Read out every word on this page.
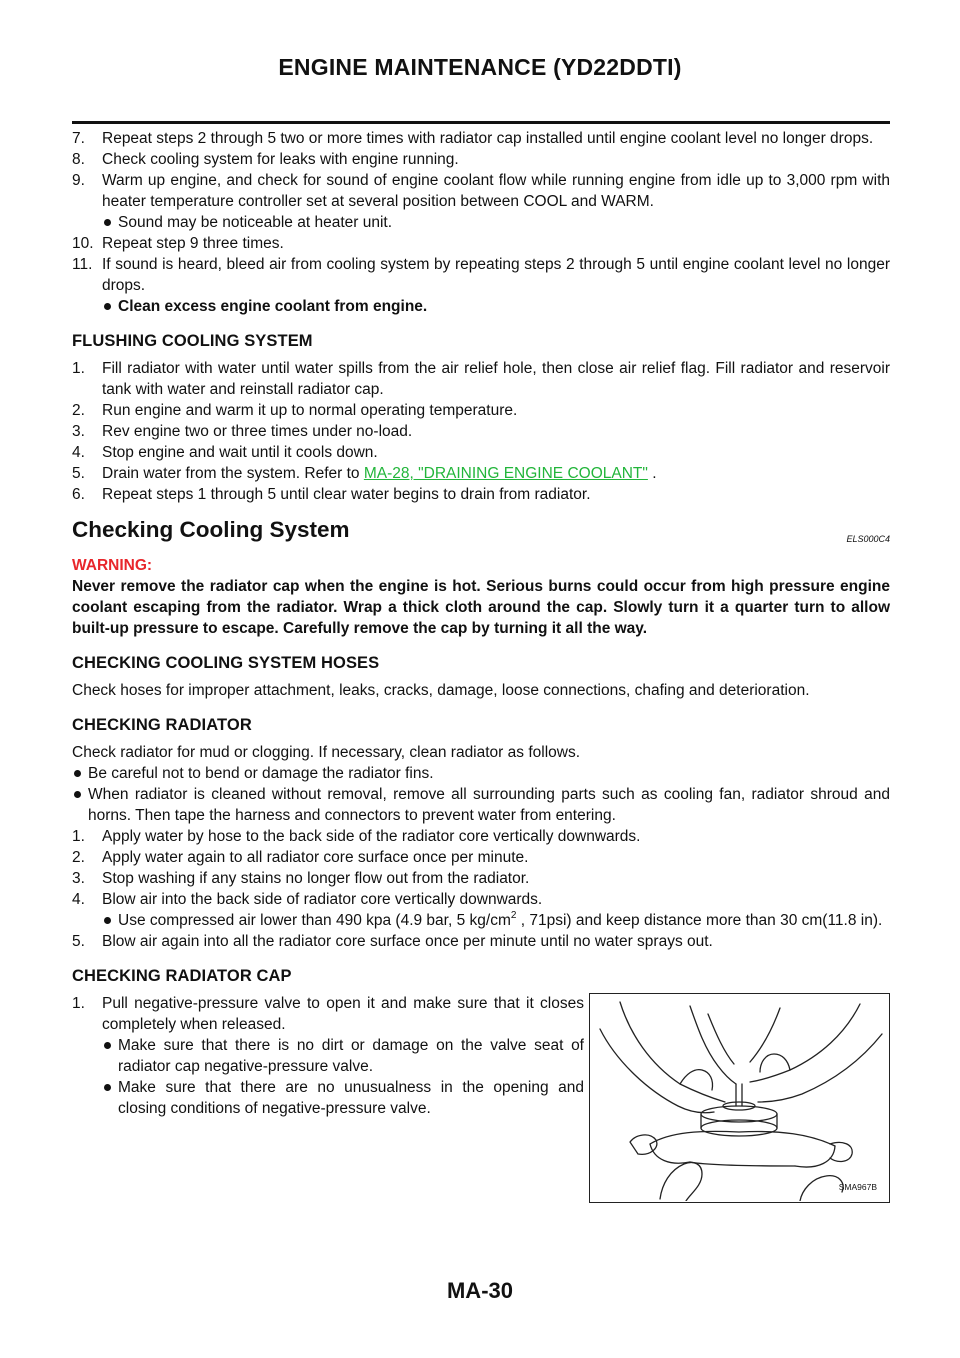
ENGINE MAINTENANCE (YD22DDTI)

7. Repeat steps 2 through 5 two or more times with radiator cap installed until engine coolant level no longer drops.

8. Check cooling system for leaks with engine running.

9. Warm up engine, and check for sound of engine coolant flow while running engine from idle up to 3,000 rpm with heater temperature controller set at several position between COOL and WARM.

Sound may be noticeable at heater unit.

10. Repeat step 9 three times.

11. If sound is heard, bleed air from cooling system by repeating steps 2 through 5 until engine coolant level no longer drops.

Clean excess engine coolant from engine.

FLUSHING COOLING SYSTEM

1. Fill radiator with water until water spills from the air relief hole, then close air relief flag. Fill radiator and reservoir tank with water and reinstall radiator cap.

2. Run engine and warm it up to normal operating temperature.

3. Rev engine two or three times under no-load.

4. Stop engine and wait until it cools down.

5. Drain water from the system. Refer to MA-28, "DRAINING ENGINE COOLANT" .

6. Repeat steps 1 through 5 until clear water begins to drain from radiator.

Checking Cooling System	ELS000C4

WARNING:

Never remove the radiator cap when the engine is hot. Serious burns could occur from high pressure engine coolant escaping from the radiator. Wrap a thick cloth around the cap. Slowly turn it a quarter turn to allow built-up pressure to escape. Carefully remove the cap by turning it all the way.

CHECKING COOLING SYSTEM HOSES

Check hoses for improper attachment, leaks, cracks, damage, loose connections, chafing and deterioration.

CHECKING RADIATOR

Check radiator for mud or clogging. If necessary, clean radiator as follows.

Be careful not to bend or damage the radiator fins.

When radiator is cleaned without removal, remove all surrounding parts such as cooling fan, radiator shroud and horns. Then tape the harness and connectors to prevent water from entering.

1. Apply water by hose to the back side of the radiator core vertically downwards.

2. Apply water again to all radiator core surface once per minute.

3. Stop washing if any stains no longer flow out from the radiator.

4. Blow air into the back side of radiator core vertically downwards.

Use compressed air lower than 490 kpa (4.9 bar, 5 $kg/cm^2$ , 71psi) and keep distance more than 30 cm(11.8 in).

5. Blow air again into all the radiator core surface once per minute until no water sprays out.

CHECKING RADIATOR CAP

1. Pull negative-pressure valve to open it and make sure that it closes completely when released.

Make sure that there is no dirt or damage on the valve seat of radiator cap negative-pressure valve.

Make sure that there are no unusualness in the opening and closing conditions of negative-pressure valve.

SMA967B
MA-30
